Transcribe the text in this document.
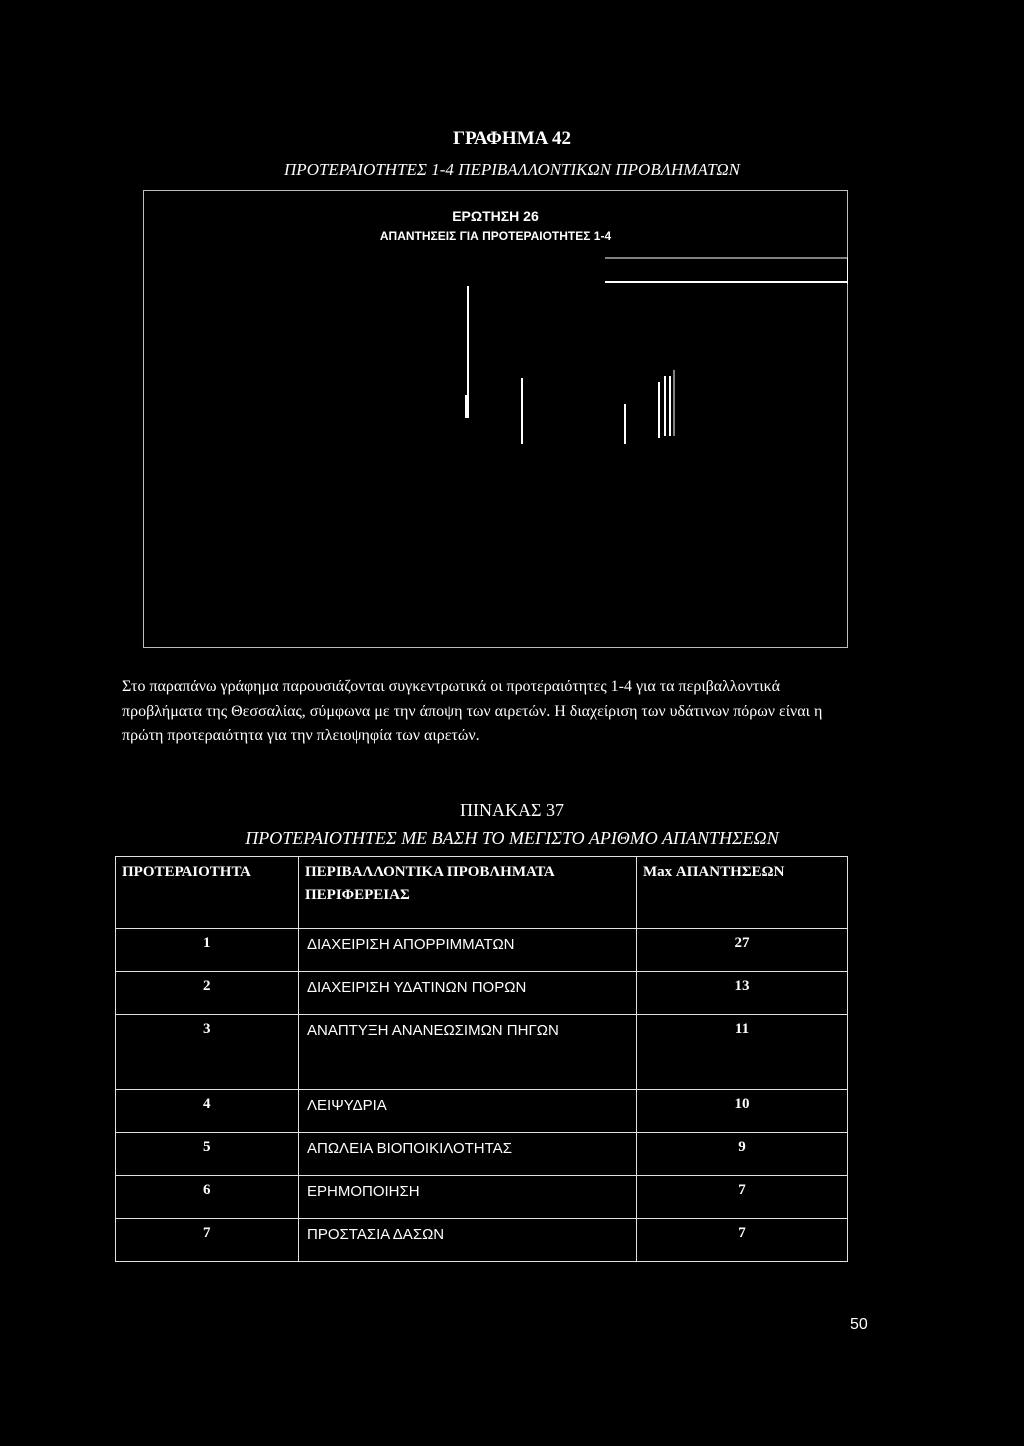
ΓΡΑΦΗΜΑ 42
ΠΡΟΤΕΡΑΙΟΤΗΤΕΣ 1-4 ΠΕΡΙΒΑΛΛΟΝΤΙΚΩΝ ΠΡΟΒΛΗΜΑΤΩΝ
ΕΡΩΤΗΣΗ 26
ΑΠΑΝΤΗΣΕΙΣ ΓΙΑ ΠΡΟΤΕΡΑΙΟΤΗΤΕΣ 1-4
Στο παραπάνω γράφημα παρουσιάζονται συγκεντρωτικά οι προτεραιότητες 1-4 για τα περιβαλλοντικά προβλήματα της Θεσσαλίας, σύμφωνα με την άποψη των αιρετών. Η διαχείριση των υδάτινων πόρων είναι η πρώτη προτεραιότητα για την πλειοψηφία των αιρετών.
ΠΙΝΑΚΑΣ 37
ΠΡΟΤΕΡΑΙΟΤΗΤΕΣ ΜΕ ΒΑΣΗ ΤΟ ΜΕΓΙΣΤΟ ΑΡΙΘΜΟ ΑΠΑΝΤΗΣΕΩΝ
ΠΡΟΤΕΡΑΙΟΤΗΤΑ	ΠΕΡΙΒΑΛΛΟΝΤΙΚΑ ΠΡΟΒΛΗΜΑΤΑ ΠΕΡΙΦΕΡΕΙΑΣ	Max ΑΠΑΝΤΗΣΕΩΝ
1	ΔΙΑΧΕΙΡΙΣΗ ΑΠΟΡΡΙΜΜΑΤΩΝ	27
2	ΔΙΑΧΕΙΡΙΣΗ ΥΔΑΤΙΝΩΝ ΠΟΡΩΝ	13
3	ΑΝΑΠΤΥΞΗ ΑΝΑΝΕΩΣΙΜΩΝ ΠΗΓΩΝ	11
4	ΛΕΙΨΥΔΡΙΑ	10
5	ΑΠΩΛΕΙΑ ΒΙΟΠΟΙΚΙΛΟΤΗΤΑΣ	9
6	ΕΡΗΜΟΠΟΙΗΣΗ	7
7	ΠΡΟΣΤΑΣΙΑ ΔΑΣΩΝ	7
50
